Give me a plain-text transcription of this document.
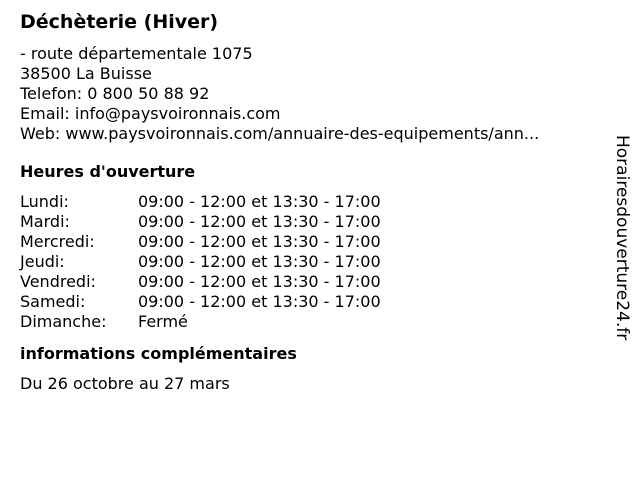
Déchèterie (Hiver)
- route départementale 1075
38500 La Buisse
Telefon: 0 800 50 88 92
Email: info@paysvoironnais.com
Web: www.paysvoironnais.com/annuaire-des-equipements/ann...
Heures d'ouverture
Lundi:	09:00 - 12:00 et 13:30 - 17:00
Mardi:	09:00 - 12:00 et 13:30 - 17:00
Mercredi:	09:00 - 12:00 et 13:30 - 17:00
Jeudi:	09:00 - 12:00 et 13:30 - 17:00
Vendredi:	09:00 - 12:00 et 13:30 - 17:00
Samedi:	09:00 - 12:00 et 13:30 - 17:00
Dimanche:	Fermé
informations complémentaires
Du 26 octobre au 27 mars
Horairesdouverture24.fr
